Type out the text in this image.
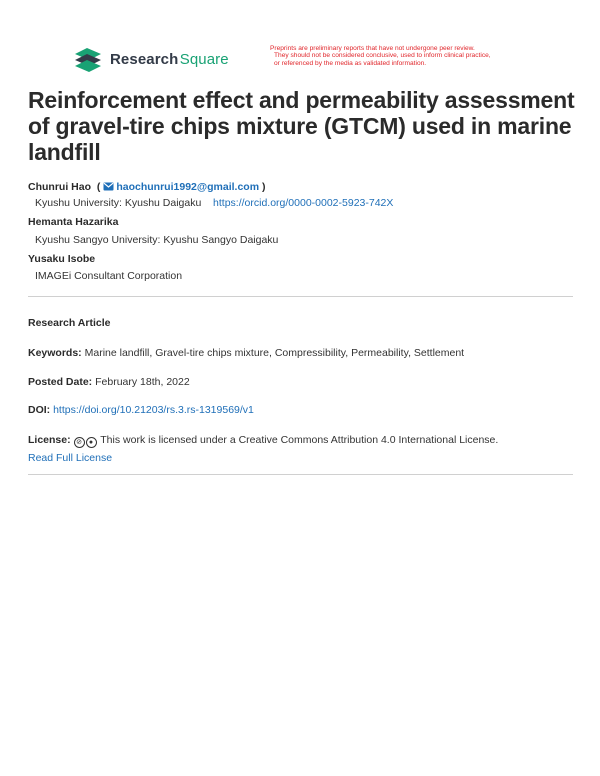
Research Square
Preprints are preliminary reports that have not undergone peer review.
They should not be considered conclusive, used to inform clinical practice,
or referenced by the media as validated information.
Reinforcement effect and permeability assessment of gravel-tire chips mixture (GTCM) used in marine landfill
Chunrui Hao  ( haochunrui1992@gmail.com )
Kyushu University: Kyushu Daigaku https://orcid.org/0000-0002-5923-742X
Hemanta Hazarika
Kyushu Sangyo University: Kyushu Sangyo Daigaku
Yusaku Isobe
IMAGEi Consultant Corporation
Research Article
Keywords: Marine landfill, Gravel-tire chips mixture, Compressibility, Permeability, Settlement
Posted Date: February 18th, 2022
DOI: https://doi.org/10.21203/rs.3.rs-1319569/v1
License: ⊘ ● This work is licensed under a Creative Commons Attribution 4.0 International License.
Read Full License
